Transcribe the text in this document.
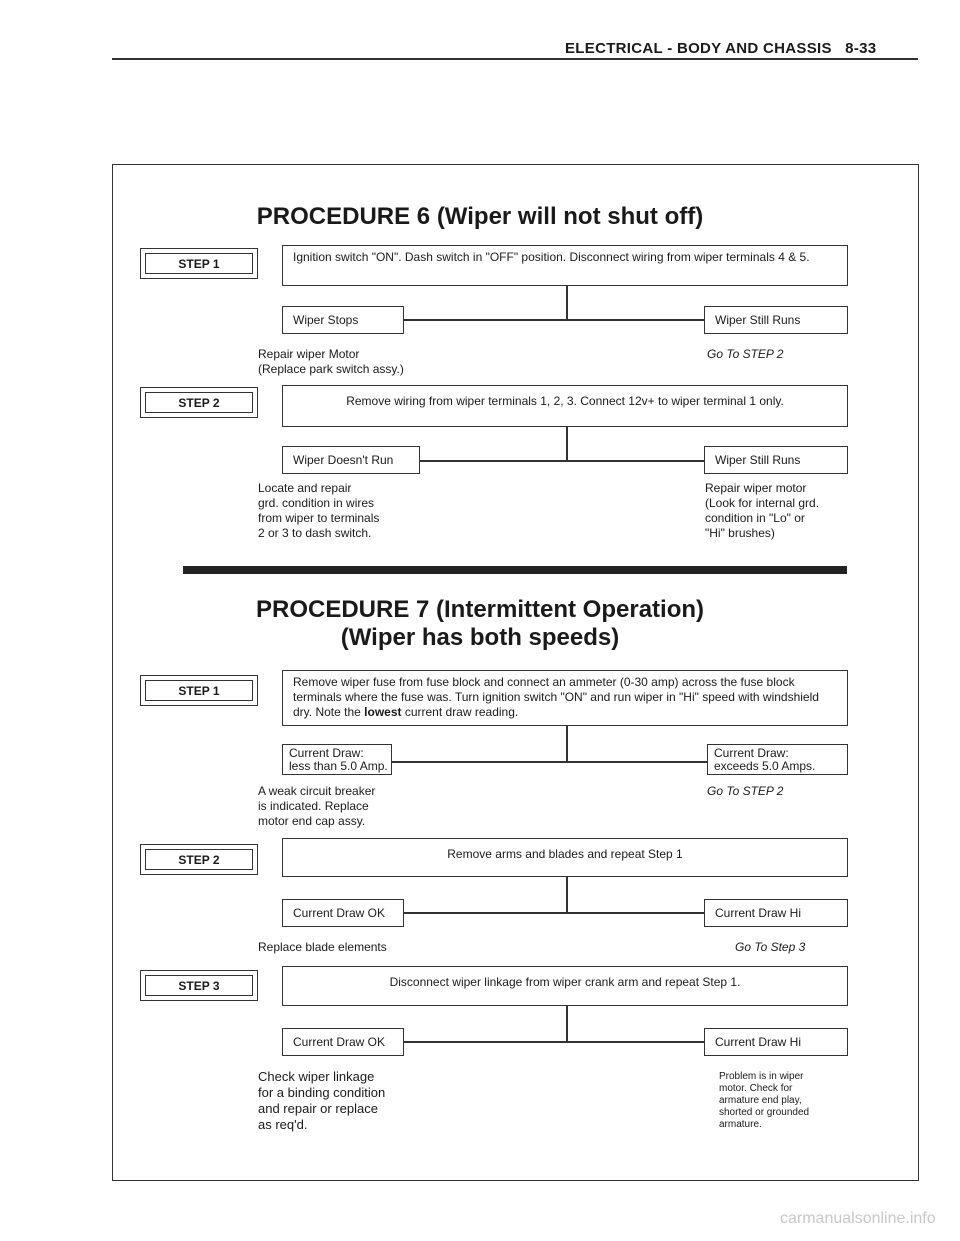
ELECTRICAL - BODY AND CHASSIS   8-33
PROCEDURE 6 (Wiper will not shut off)
STEP 1	Ignition switch "ON". Dash switch in "OFF" position. Disconnect wiring from wiper terminals 4 & 5.
Wiper Stops	Wiper Still Runs
Repair wiper Motor
(Replace park switch assy.)
Go To STEP 2
STEP 2	Remove wiring from wiper terminals 1, 2, 3. Connect 12v+ to wiper terminal 1 only.
Wiper Doesn't Run	Wiper Still Runs
Locate and repair
grd. condition in wires
from wiper to terminals
2 or 3 to dash switch.
Repair wiper motor
(Look for internal grd.
condition in "Lo" or
"Hi" brushes)
PROCEDURE 7 (Intermittent Operation)
(Wiper has both speeds)
STEP 1
Remove wiper fuse from fuse block and connect an ammeter (0-30 amp) across the fuse block terminals where the fuse was. Turn ignition switch "ON" and run wiper in "Hi" speed with windshield dry. Note the lowest current draw reading.
Current Draw:
less than 5.0 Amp.
Current Draw:
exceeds 5.0 Amps.
A weak circuit breaker
is indicated. Replace
motor end cap assy.
Go To STEP 2
STEP 2	Remove arms and blades and repeat Step 1
Current Draw OK	Current Draw Hi
Replace blade elements	Go To Step 3
STEP 3	Disconnect wiper linkage from wiper crank arm and repeat Step 1.
Current Draw OK	Current Draw Hi
Check wiper linkage
for a binding condition
and repair or replace
as req'd.
Problem is in wiper
motor. Check for
armature end play,
shorted or grounded
armature.
carmanualsonline.info
